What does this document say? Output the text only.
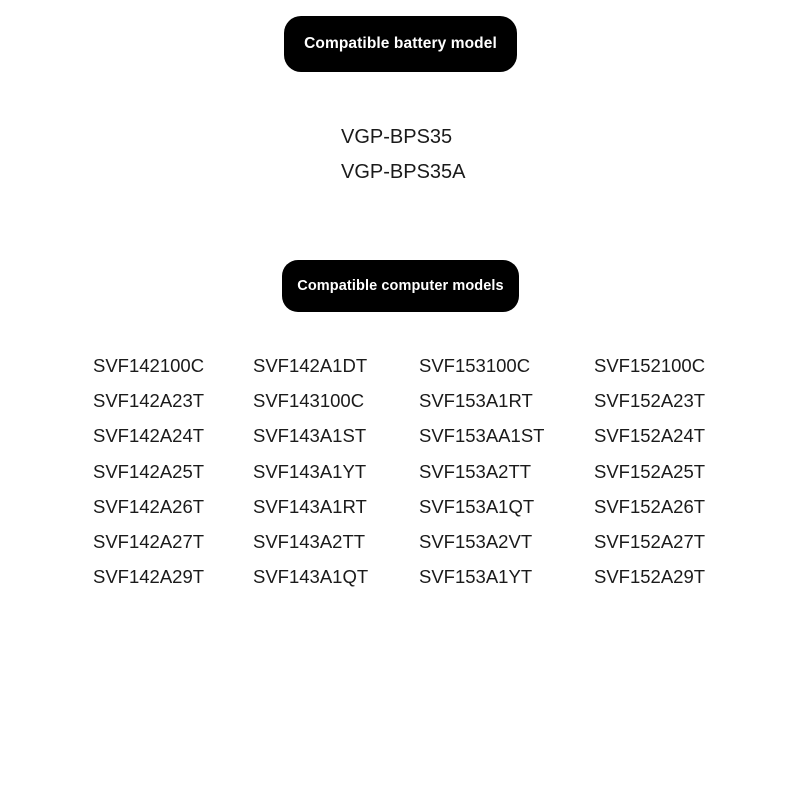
Compatible battery model
VGP-BPS35
VGP-BPS35A
Compatible computer models
SVF142100C	SVF142A1DT	SVF153100C	SVF152100C
SVF142A23T	SVF143100C	SVF153A1RT	SVF152A23T
SVF142A24T	SVF143A1ST	SVF153AA1ST	SVF152A24T
SVF142A25T	SVF143A1YT	SVF153A2TT	SVF152A25T
SVF142A26T	SVF143A1RT	SVF153A1QT	SVF152A26T
SVF142A27T	SVF143A2TT	SVF153A2VT	SVF152A27T
SVF142A29T	SVF143A1QT	SVF153A1YT	SVF152A29T
